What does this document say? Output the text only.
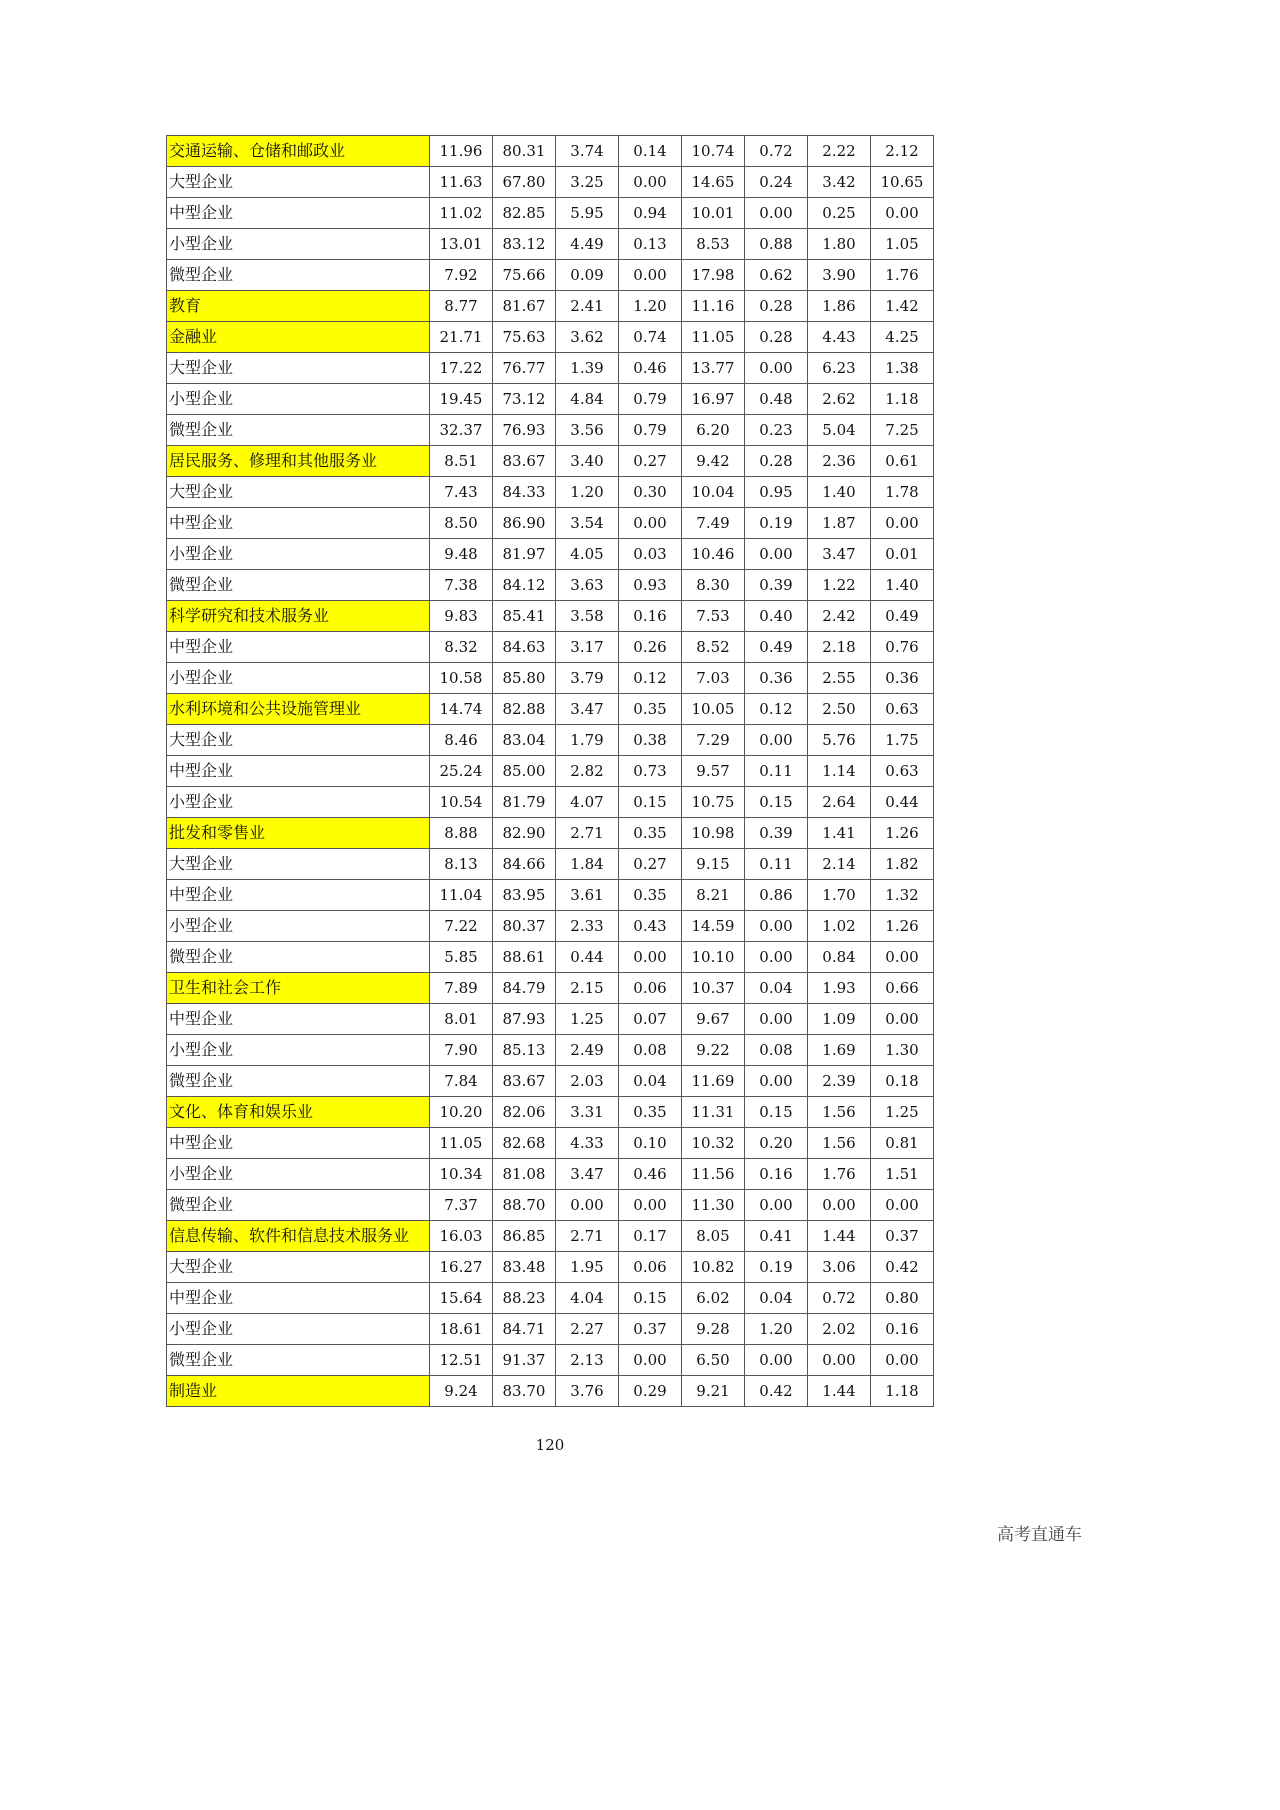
交通运输、仓储和邮政业	11.96	80.31	3.74	0.14	10.74	0.72	2.22	2.12
大型企业	11.63	67.80	3.25	0.00	14.65	0.24	3.42	10.65
中型企业	11.02	82.85	5.95	0.94	10.01	0.00	0.25	0.00
小型企业	13.01	83.12	4.49	0.13	8.53	0.88	1.80	1.05
微型企业	7.92	75.66	0.09	0.00	17.98	0.62	3.90	1.76
教育	8.77	81.67	2.41	1.20	11.16	0.28	1.86	1.42
金融业	21.71	75.63	3.62	0.74	11.05	0.28	4.43	4.25
大型企业	17.22	76.77	1.39	0.46	13.77	0.00	6.23	1.38
小型企业	19.45	73.12	4.84	0.79	16.97	0.48	2.62	1.18
微型企业	32.37	76.93	3.56	0.79	6.20	0.23	5.04	7.25
居民服务、修理和其他服务业	8.51	83.67	3.40	0.27	9.42	0.28	2.36	0.61
大型企业	7.43	84.33	1.20	0.30	10.04	0.95	1.40	1.78
中型企业	8.50	86.90	3.54	0.00	7.49	0.19	1.87	0.00
小型企业	9.48	81.97	4.05	0.03	10.46	0.00	3.47	0.01
微型企业	7.38	84.12	3.63	0.93	8.30	0.39	1.22	1.40
科学研究和技术服务业	9.83	85.41	3.58	0.16	7.53	0.40	2.42	0.49
中型企业	8.32	84.63	3.17	0.26	8.52	0.49	2.18	0.76
小型企业	10.58	85.80	3.79	0.12	7.03	0.36	2.55	0.36
水利环境和公共设施管理业	14.74	82.88	3.47	0.35	10.05	0.12	2.50	0.63
大型企业	8.46	83.04	1.79	0.38	7.29	0.00	5.76	1.75
中型企业	25.24	85.00	2.82	0.73	9.57	0.11	1.14	0.63
小型企业	10.54	81.79	4.07	0.15	10.75	0.15	2.64	0.44
批发和零售业	8.88	82.90	2.71	0.35	10.98	0.39	1.41	1.26
大型企业	8.13	84.66	1.84	0.27	9.15	0.11	2.14	1.82
中型企业	11.04	83.95	3.61	0.35	8.21	0.86	1.70	1.32
小型企业	7.22	80.37	2.33	0.43	14.59	0.00	1.02	1.26
微型企业	5.85	88.61	0.44	0.00	10.10	0.00	0.84	0.00
卫生和社会工作	7.89	84.79	2.15	0.06	10.37	0.04	1.93	0.66
中型企业	8.01	87.93	1.25	0.07	9.67	0.00	1.09	0.00
小型企业	7.90	85.13	2.49	0.08	9.22	0.08	1.69	1.30
微型企业	7.84	83.67	2.03	0.04	11.69	0.00	2.39	0.18
文化、体育和娱乐业	10.20	82.06	3.31	0.35	11.31	0.15	1.56	1.25
中型企业	11.05	82.68	4.33	0.10	10.32	0.20	1.56	0.81
小型企业	10.34	81.08	3.47	0.46	11.56	0.16	1.76	1.51
微型企业	7.37	88.70	0.00	0.00	11.30	0.00	0.00	0.00
信息传输、软件和信息技术服务业	16.03	86.85	2.71	0.17	8.05	0.41	1.44	0.37
大型企业	16.27	83.48	1.95	0.06	10.82	0.19	3.06	0.42
中型企业	15.64	88.23	4.04	0.15	6.02	0.04	0.72	0.80
小型企业	18.61	84.71	2.27	0.37	9.28	1.20	2.02	0.16
微型企业	12.51	91.37	2.13	0.00	6.50	0.00	0.00	0.00
制造业	9.24	83.70	3.76	0.29	9.21	0.42	1.44	1.18
120
高考直通车
